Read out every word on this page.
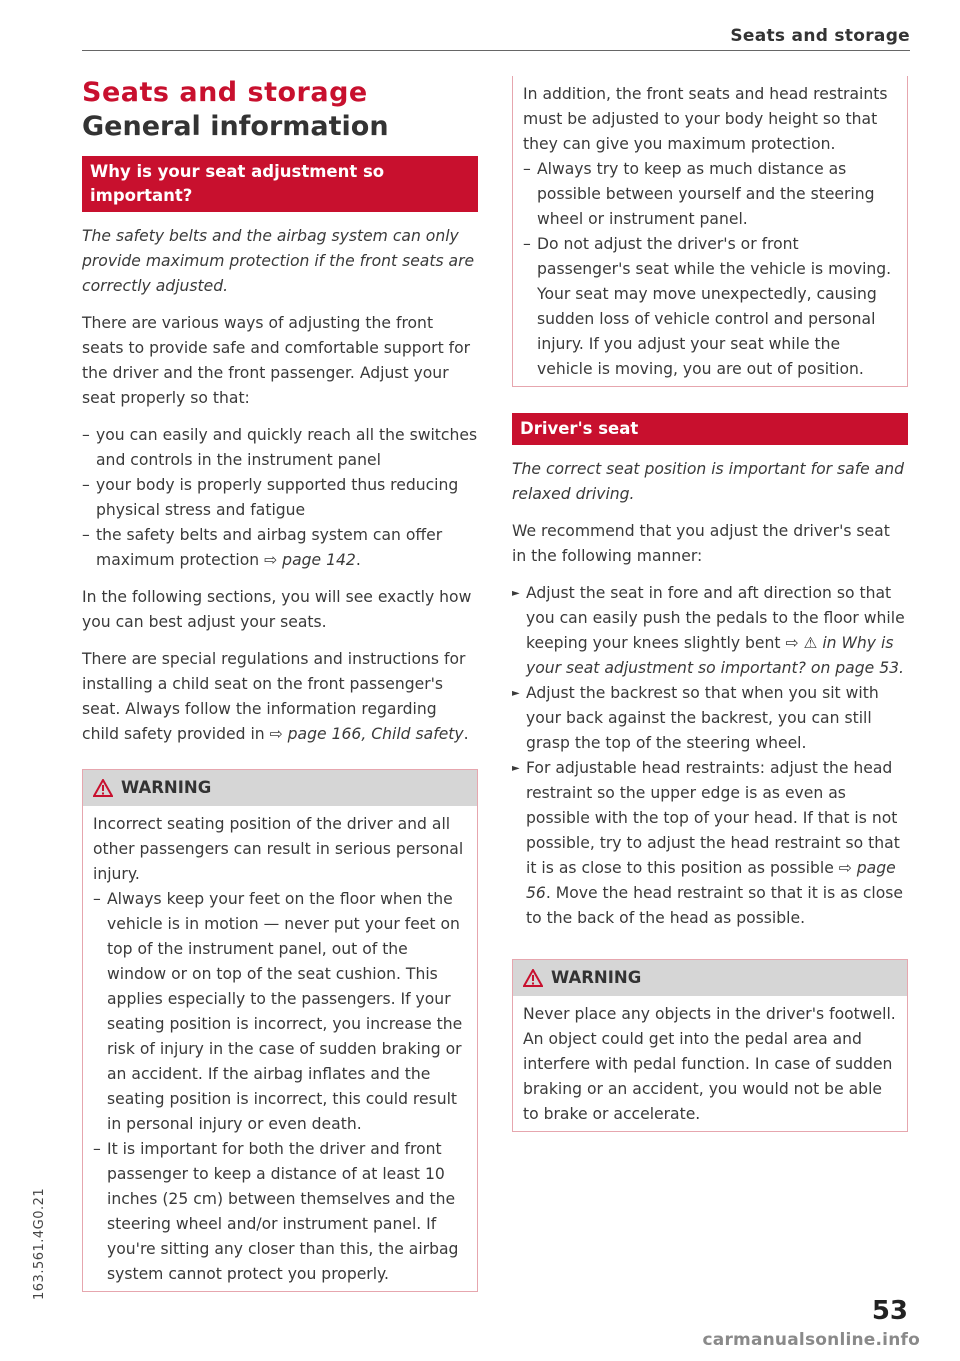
Seats and storage
Seats and storage
General information
Why is your seat adjustment so important?

The safety belts and the airbag system can only provide maximum protection if the front seats are correctly adjusted.

There are various ways of adjusting the front seats to provide safe and comfortable support for the driver and the front passenger. Adjust your seat properly so that:

– you can easily and quickly reach all the switches and controls in the instrument panel

– your body is properly supported thus reducing physical stress and fatigue

– the safety belts and airbag system can offer maximum protection ⇨ page 142.

In the following sections, you will see exactly how you can best adjust your seats.

There are special regulations and instructions for installing a child seat on the front passenger's seat. Always follow the information regarding child safety provided in ⇨ page 166, Child safety.

WARNING

Incorrect seating position of the driver and all other passengers can result in serious personal injury.

– Always keep your feet on the floor when the vehicle is in motion — never put your feet on top of the instrument panel, out of the window or on top of the seat cushion. This applies especially to the passengers. If your seating position is incorrect, you increase the risk of injury in the case of sudden braking or an accident. If the airbag inflates and the seating position is incorrect, this could result in personal injury or even death.

– It is important for both the driver and front passenger to keep a distance of at least 10 inches (25 cm) between themselves and the steering wheel and/or instrument panel. If you're sitting any closer than this, the airbag system cannot protect you properly.

In addition, the front seats and head restraints must be adjusted to your body height so that they can give you maximum protection.

– Always try to keep as much distance as possible between yourself and the steering wheel or instrument panel.

– Do not adjust the driver's or front passenger's seat while the vehicle is moving. Your seat may move unexpectedly, causing sudden loss of vehicle control and personal injury. If you adjust your seat while the vehicle is moving, you are out of position.

Driver's seat

The correct seat position is important for safe and relaxed driving.

We recommend that you adjust the driver's seat in the following manner:

► Adjust the seat in fore and aft direction so that you can easily push the pedals to the floor while keeping your knees slightly bent ⇨ ⚠ in Why is your seat adjustment so important? on page 53.

► Adjust the backrest so that when you sit with your back against the backrest, you can still grasp the top of the steering wheel.

► For adjustable head restraints: adjust the head restraint so the upper edge is as even as possible with the top of your head. If that is not possible, try to adjust the head restraint so that it is as close to this position as possible ⇨ page 56. Move the head restraint so that it is as close to the back of the head as possible.

WARNING

Never place any objects in the driver's footwell. An object could get into the pedal area and interfere with pedal function. In case of sudden braking or an accident, you would not be able to brake or accelerate.

163.561.4G0.21
53
carmanualsonline.info
